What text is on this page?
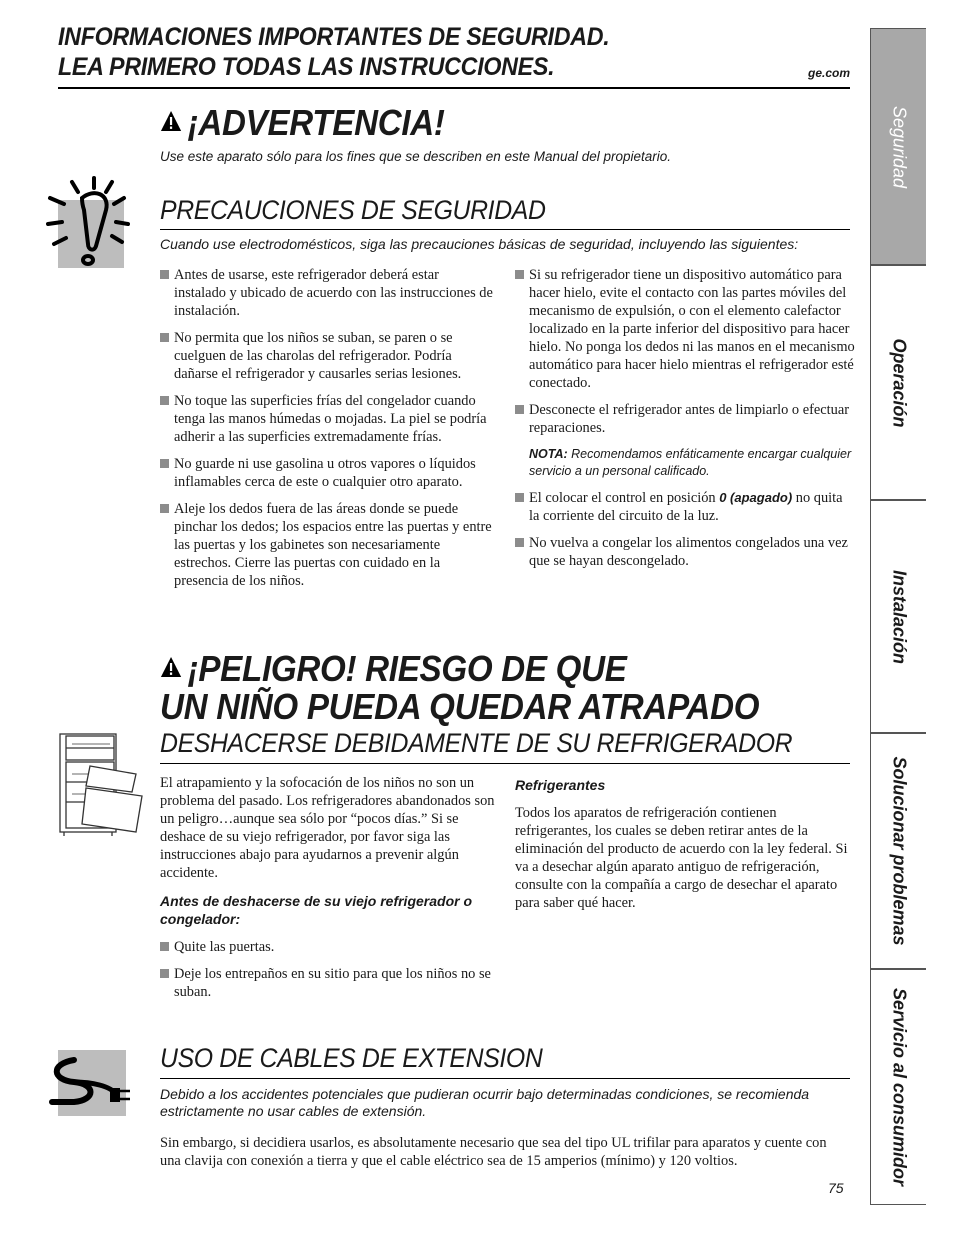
INFORMACIONES IMPORTANTES DE SEGURIDAD.
LEA PRIMERO TODAS LAS INSTRUCCIONES.	ge.com
¡ADVERTENCIA!
Use este aparato sólo para los fines que se describen en este Manual del propietario.
PRECAUCIONES DE SEGURIDAD
Cuando use electrodomésticos, siga las precauciones básicas de seguridad, incluyendo las siguientes:

Antes de usarse, este refrigerador deberá estar instalado y ubicado de acuerdo con las instrucciones de instalación.

No permita que los niños se suban, se paren o se cuelguen de las charolas del refrigerador. Podría dañarse el refrigerador y causarles serias lesiones.

No toque las superficies frías del congelador cuando tenga las manos húmedas o mojadas. La piel se podría adherir a las superficies extremadamente frías.

No guarde ni use gasolina u otros vapores o líquidos inflamables cerca de este o cualquier otro aparato.

Aleje los dedos fuera de las áreas donde se puede pinchar los dedos; los espacios entre las puertas y entre las puertas y los gabinetes son necesariamente estrechos. Cierre las puertas con cuidado en la presencia de los niños.

Si su refrigerador tiene un dispositivo automático para hacer hielo, evite el contacto con las partes móviles del mecanismo de expulsión, o con el elemento calefactor localizado en la parte inferior del dispositivo para hacer hielo. No ponga los dedos ni las manos en el mecanismo automático para hacer hielo mientras el refrigerador esté conectado.

Desconecte el refrigerador antes de limpiarlo o efectuar reparaciones.

NOTA: Recomendamos enfáticamente encargar cualquier servicio a un personal calificado.

El colocar el control en posición 0 (apagado) no quita la corriente del circuito de la luz.

No vuelva a congelar los alimentos congelados una vez que se hayan descongelado.

¡PELIGRO! RIESGO DE QUE
UN NIÑO PUEDA QUEDAR ATRAPADO
DESHACERSE DEBIDAMENTE DE SU REFRIGERADOR

El atrapamiento y la sofocación de los niños no son un problema del pasado. Los refrigeradores abandonados son un peligro…aunque sea sólo por “pocos días.” Si se deshace de su viejo refrigerador, por favor siga las instrucciones abajo para ayudarnos a prevenir algún accidente.

Antes de deshacerse de su viejo refrigerador o congelador:

Quite las puertas.

Deje los entrepaños en su sitio para que los niños no se suban.

Refrigerantes

Todos los aparatos de refrigeración contienen refrigerantes, los cuales se deben retirar antes de la eliminación del producto de acuerdo con la ley federal. Si va a desechar algún aparato antiguo de refrigeración, consulte con la compañía a cargo de desechar el aparato para saber qué hacer.

USO DE CABLES DE EXTENSION
Debido a los accidentes potenciales que pudieran ocurrir bajo determinadas condiciones, se recomienda estrictamente no usar cables de extensión.
Sin embargo, si decidiera usarlos, es absolutamente necesario que sea del tipo UL trifilar para aparatos y cuente con una clavija con conexión a tierra y que el cable eléctrico sea de 15 amperios (mínimo) y 120 voltios.
75
Seguridad
Operación
Instalación
Solucionar problemas
Servicio al consumidor
